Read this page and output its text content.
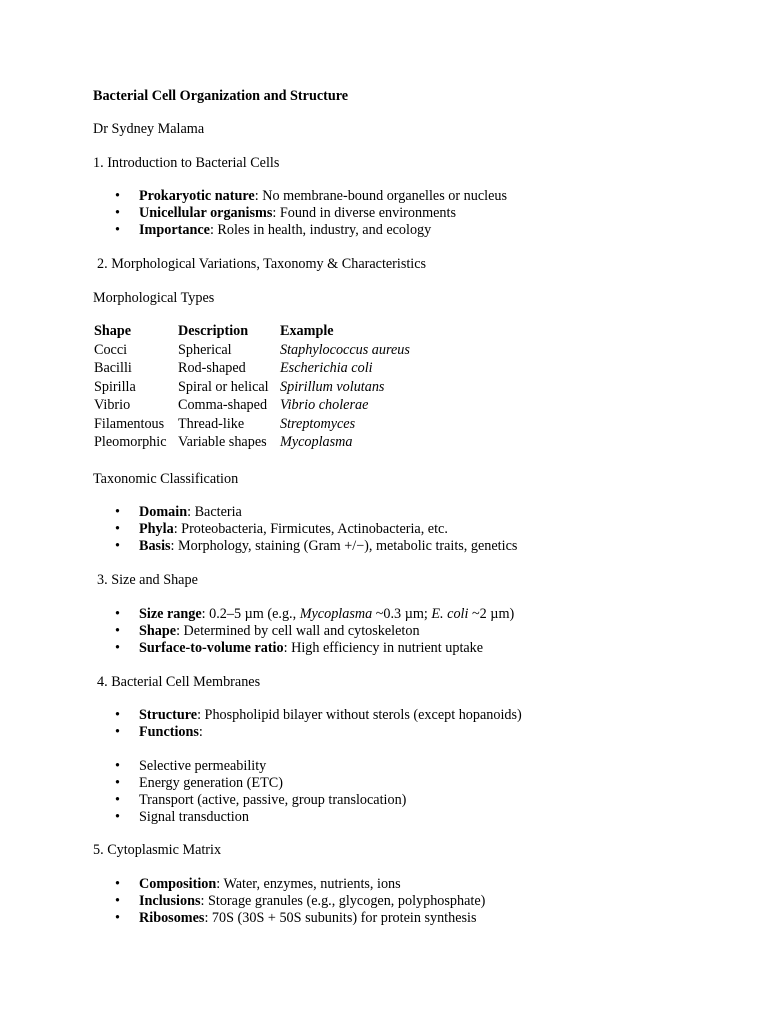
Bacterial Cell Organization and Structure

Dr Sydney Malama

1. Introduction to Bacterial Cells

• Prokaryotic nature: No membrane-bound organelles or nucleus
• Unicellular organisms: Found in diverse environments
• Importance: Roles in health, industry, and ecology

2. Morphological Variations, Taxonomy & Characteristics

Morphological Types

Shape	Description	Example
Cocci	Spherical	Staphylococcus aureus
Bacilli	Rod-shaped	Escherichia coli
Spirilla	Spiral or helical	Spirillum volutans
Vibrio	Comma-shaped	Vibrio cholerae
Filamentous	Thread-like	Streptomyces
Pleomorphic	Variable shapes	Mycoplasma

Taxonomic Classification

• Domain: Bacteria
• Phyla: Proteobacteria, Firmicutes, Actinobacteria, etc.
• Basis: Morphology, staining (Gram +/−), metabolic traits, genetics

3. Size and Shape

• Size range: 0.2–5 µm (e.g., Mycoplasma ~0.3 µm; E. coli ~2 µm)
• Shape: Determined by cell wall and cytoskeleton
• Surface-to-volume ratio: High efficiency in nutrient uptake

4. Bacterial Cell Membranes

• Structure: Phospholipid bilayer without sterols (except hopanoids)
• Functions:
• Selective permeability
• Energy generation (ETC)
• Transport (active, passive, group translocation)
• Signal transduction

5. Cytoplasmic Matrix

• Composition: Water, enzymes, nutrients, ions
• Inclusions: Storage granules (e.g., glycogen, polyphosphate)
• Ribosomes: 70S (30S + 50S subunits) for protein synthesis
